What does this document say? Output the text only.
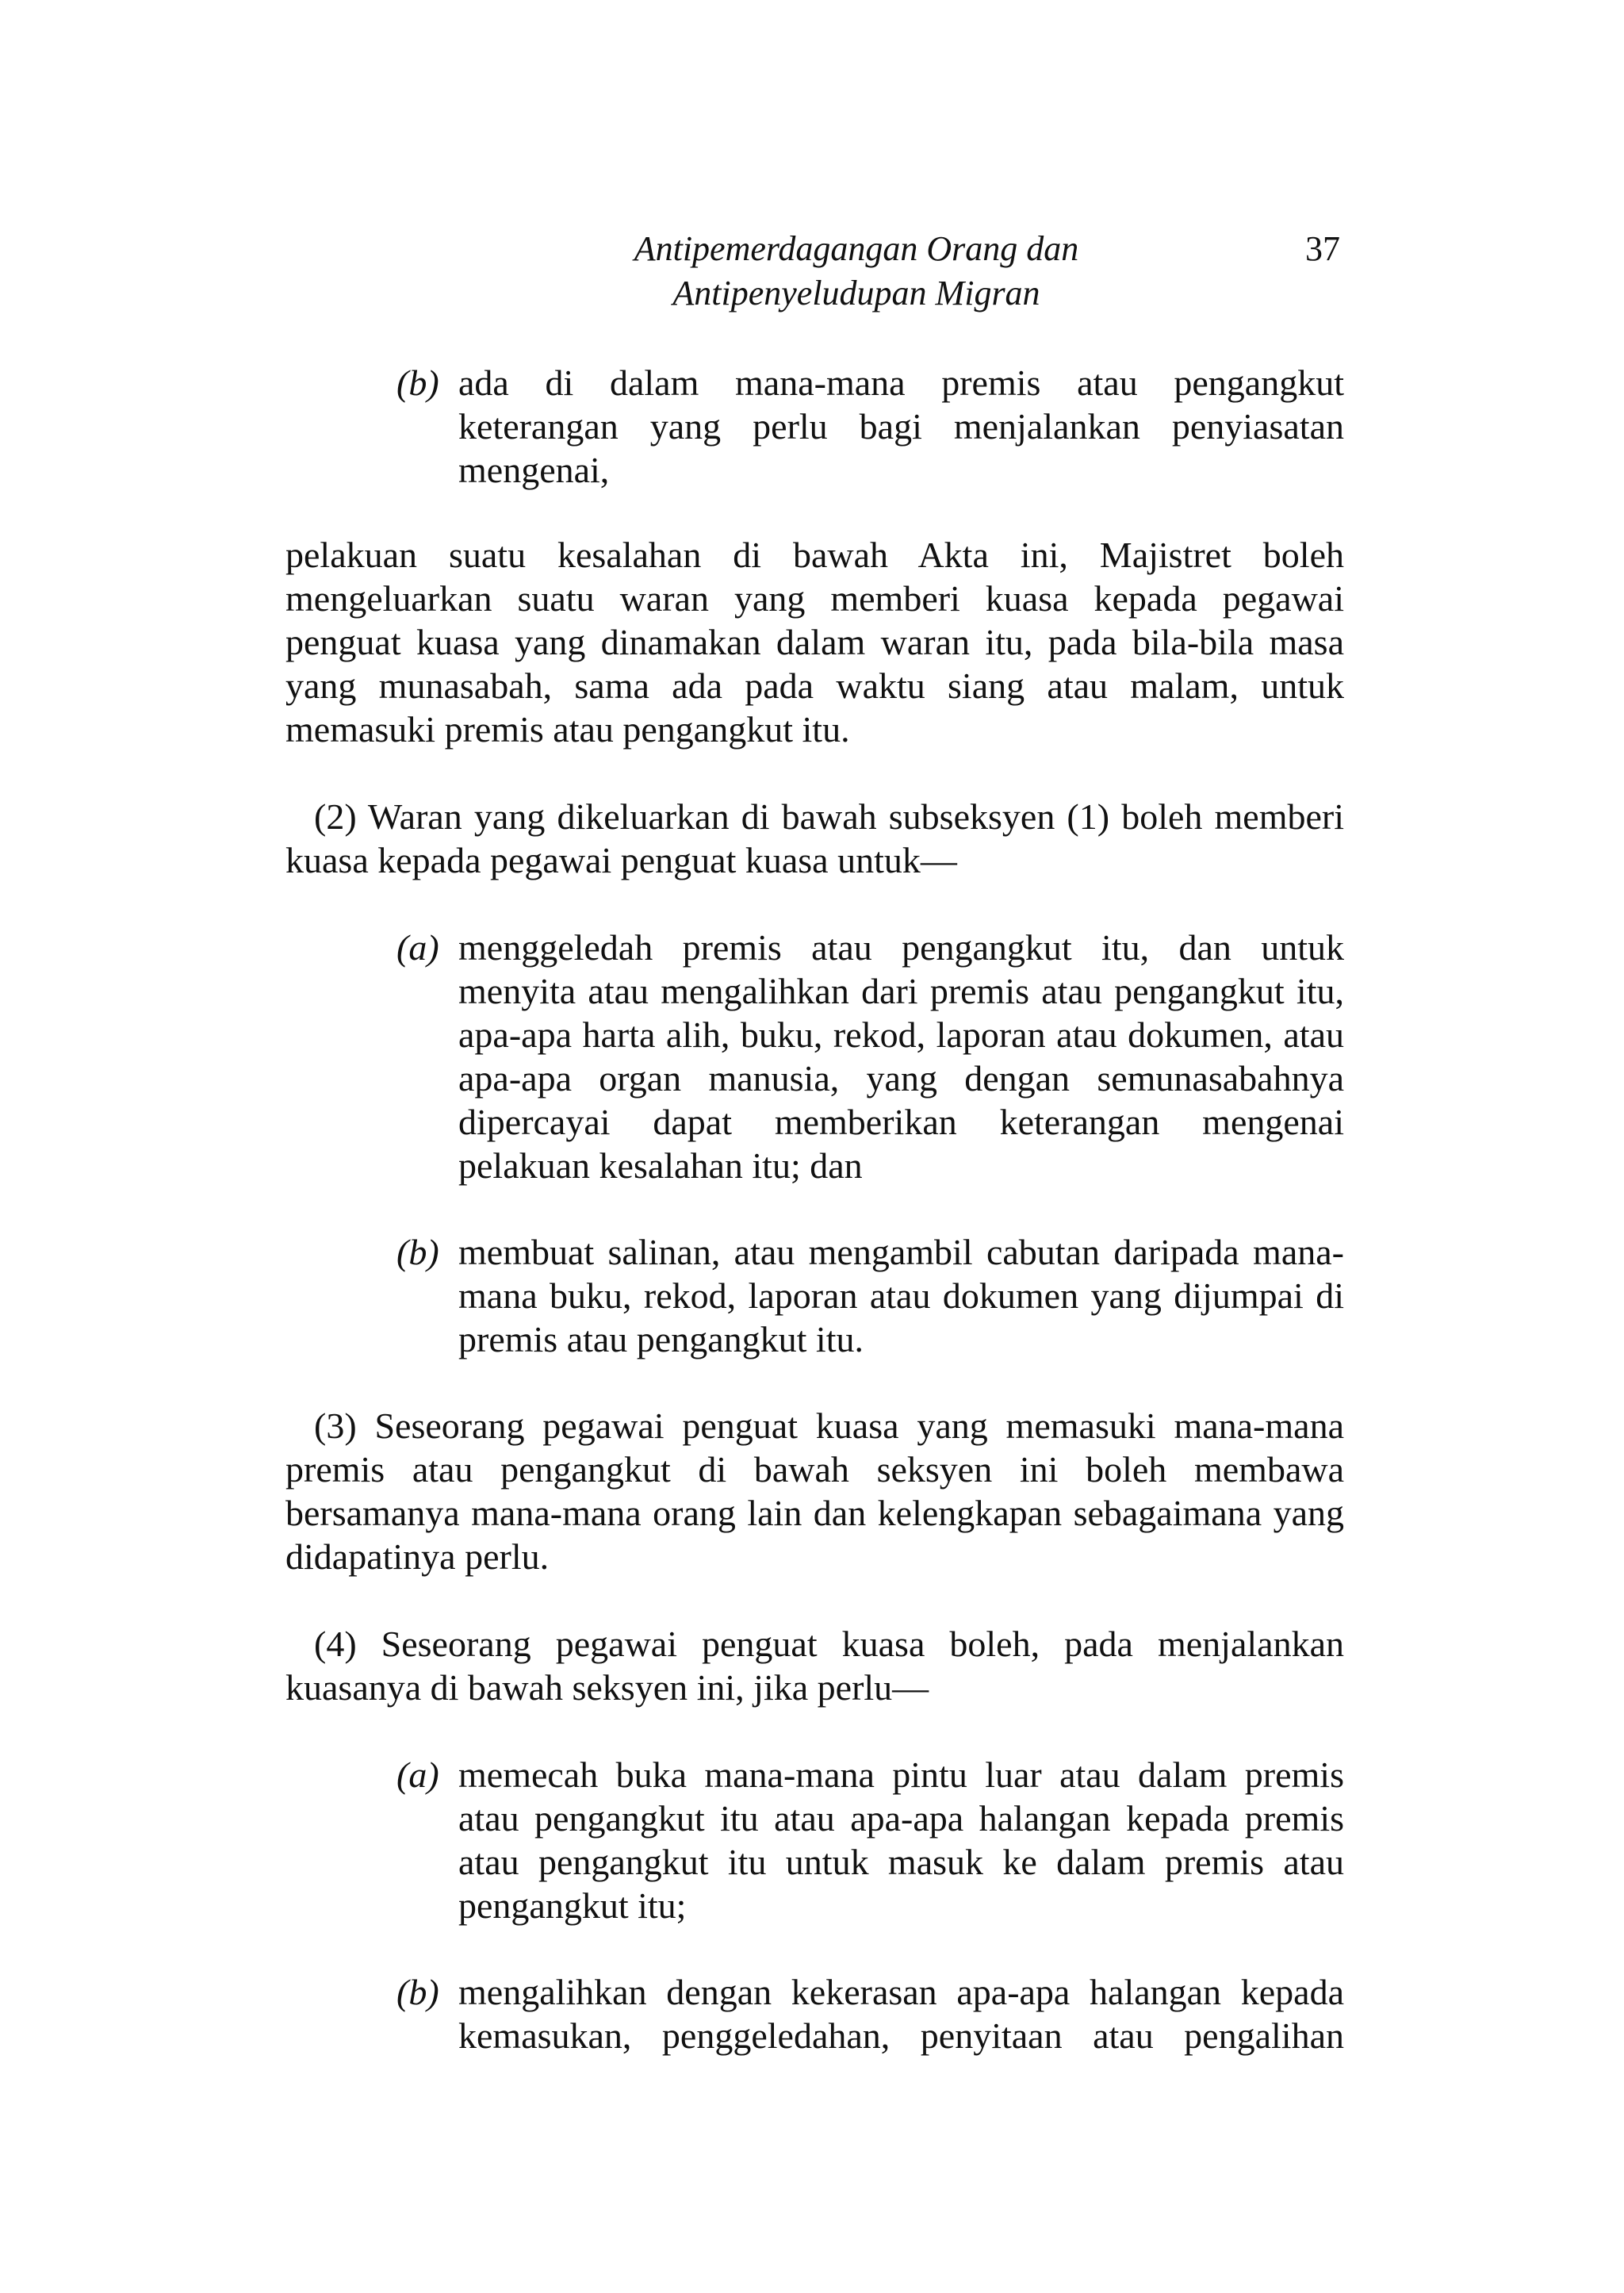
Antipemerdagangan Orang dan
Antipenyeludupan Migran
37
(b) ada di dalam mana-mana premis atau pengangkut keterangan yang perlu bagi menjalankan penyiasatan mengenai,

pelakuan suatu kesalahan di bawah Akta ini, Majistret boleh mengeluarkan suatu waran yang memberi kuasa kepada pegawai penguat kuasa yang dinamakan dalam waran itu, pada bila-bila masa yang munasabah, sama ada pada waktu siang atau malam, untuk memasuki premis atau pengangkut itu.

(2) Waran yang dikeluarkan di bawah subseksyen (1) boleh memberi kuasa kepada pegawai penguat kuasa untuk—

(a) menggeledah premis atau pengangkut itu, dan untuk menyita atau mengalihkan dari premis atau pengangkut itu, apa-apa harta alih, buku, rekod, laporan atau dokumen, atau apa-apa organ manusia, yang dengan semunasabahnya dipercayai dapat memberikan keterangan mengenai pelakuan kesalahan itu; dan
(b) membuat salinan, atau mengambil cabutan daripada mana-mana buku, rekod, laporan atau dokumen yang dijumpai di premis atau pengangkut itu.

(3) Seseorang pegawai penguat kuasa yang memasuki mana-mana premis atau pengangkut di bawah seksyen ini boleh membawa bersamanya mana-mana orang lain dan kelengkapan sebagaimana yang didapatinya perlu.

(4) Seseorang pegawai penguat kuasa boleh, pada menjalankan kuasanya di bawah seksyen ini, jika perlu—

(a) memecah buka mana-mana pintu luar atau dalam premis atau pengangkut itu atau apa-apa halangan kepada premis atau pengangkut itu untuk masuk ke dalam premis atau pengangkut itu;
(b) mengalihkan dengan kekerasan apa-apa halangan kepada kemasukan, penggeledahan, penyitaan atau pengalihan
